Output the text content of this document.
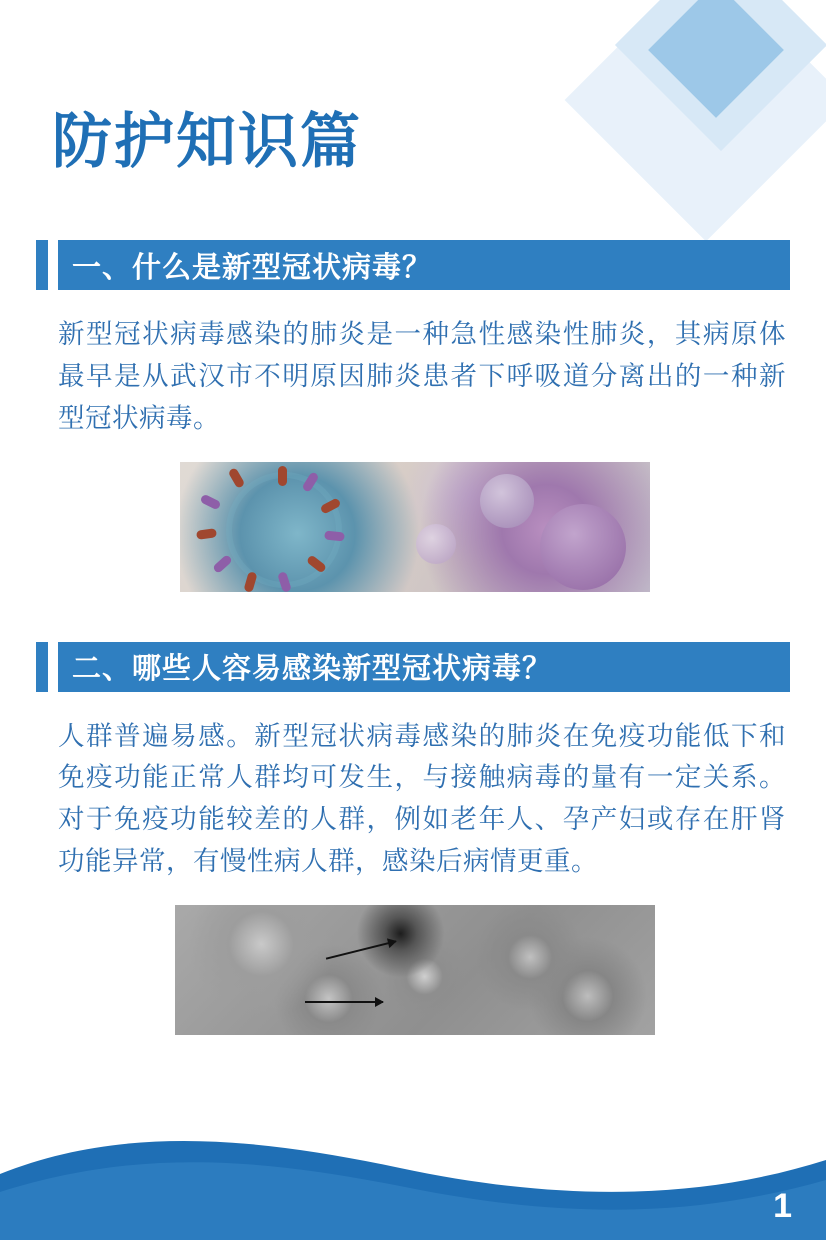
防护知识篇
一、什么是新型冠状病毒？
新型冠状病毒感染的肺炎是一种急性感染性肺炎，其病原体最早是从武汉市不明原因肺炎患者下呼吸道分离出的一种新型冠状病毒。
二、哪些人容易感染新型冠状病毒？
人群普遍易感。新型冠状病毒感染的肺炎在免疫功能低下和免疫功能正常人群均可发生，与接触病毒的量有一定关系。对于免疫功能较差的人群，例如老年人、孕产妇或存在肝肾功能异常，有慢性病人群，感染后病情更重。
1
